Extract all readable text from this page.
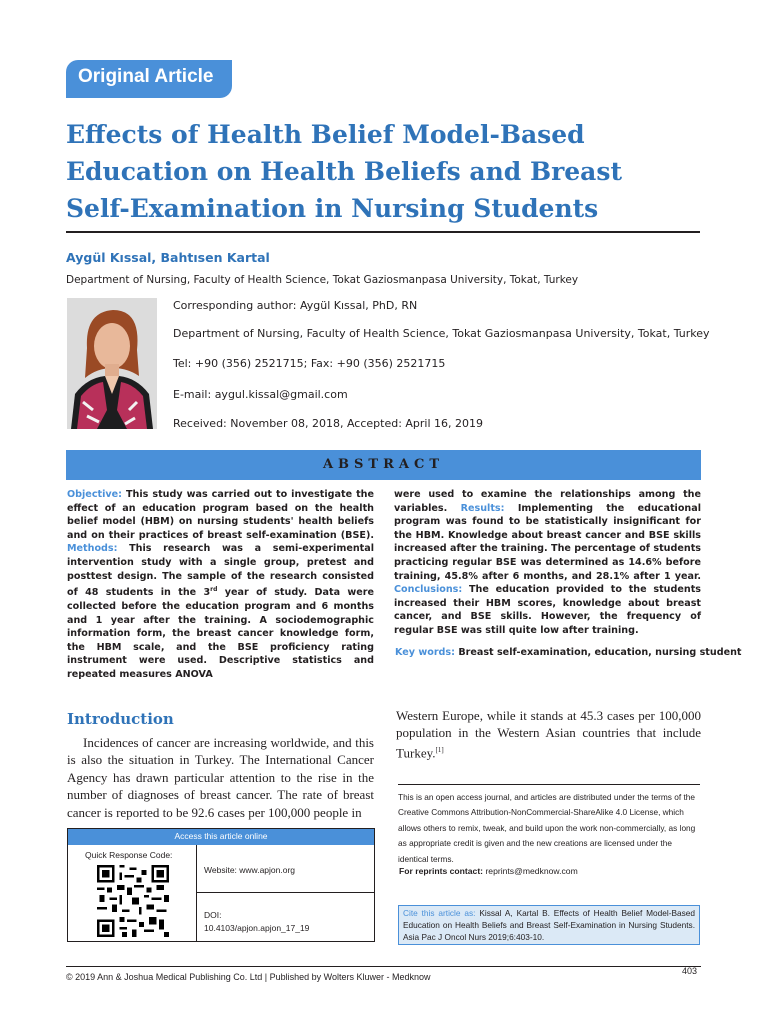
Original Article
Effects of Health Belief Model-Based
Education on Health Beliefs and Breast
Self-Examination in Nursing Students
Aygül Kıssal, Bahtısen Kartal
Department of Nursing, Faculty of Health Science, Tokat Gaziosmanpasa University, Tokat, Turkey
Corresponding author: Aygül Kıssal, PhD, RN
Department of Nursing, Faculty of Health Science, Tokat Gaziosmanpasa University, Tokat, Turkey
Tel: +90 (356) 2521715; Fax: +90 (356) 2521715
E-mail: aygul.kissal@gmail.com
Received: November 08, 2018, Accepted: April 16, 2019
ABSTRACT
Objective: This study was carried out to investigate the effect of an education program based on the health belief model (HBM) on nursing students' health beliefs and on their practices of breast self-examination (BSE). Methods: This research was a semi-experimental intervention study with a single group, pretest and posttest design. The sample of the research consisted of 48 students in the 3rd year of study. Data were collected before the education program and 6 months and 1 year after the training. A sociodemographic information form, the breast cancer knowledge form, the HBM scale, and the BSE proficiency rating instrument were used. Descriptive statistics and repeated measures ANOVA
were used to examine the relationships among the variables. Results: Implementing the educational program was found to be statistically insignificant for the HBM. Knowledge about breast cancer and BSE skills increased after the training. The percentage of students practicing regular BSE was determined as 14.6% before training, 45.8% after 6 months, and 28.1% after 1 year. Conclusions: The education provided to the students increased their HBM scores, knowledge about breast cancer, and BSE skills. However, the frequency of regular BSE was still quite low after training.
Key words: Breast self-examination, education, nursing student
Introduction

Incidences of cancer are increasing worldwide, and this is also the situation in Turkey. The International Cancer Agency has drawn particular attention to the rise in the number of diagnoses of breast cancer. The rate of breast cancer is reported to be 92.6 cases per 100,000 people in

Western Europe, while it stands at 45.3 cases per 100,000 population in the Western Asian countries that include Turkey.[1]

Access this article online
Quick Response Code:
Website: www.apjon.org
DOI:
10.4103/apjon.apjon_17_19
This is an open access journal, and articles are distributed under the terms of the Creative Commons Attribution-NonCommercial-ShareAlike 4.0 License, which allows others to remix, tweak, and build upon the work non-commercially, as long as appropriate credit is given and the new creations are licensed under the identical terms.
For reprints contact: reprints@medknow.com
Cite this article as: Kissal A, Kartal B. Effects of Health Belief Model-Based Education on Health Beliefs and Breast Self-Examination in Nursing Students. Asia Pac J Oncol Nurs 2019;6:403-10.
© 2019 Ann & Joshua Medical Publishing Co. Ltd | Published by Wolters Kluwer - Medknow
403
